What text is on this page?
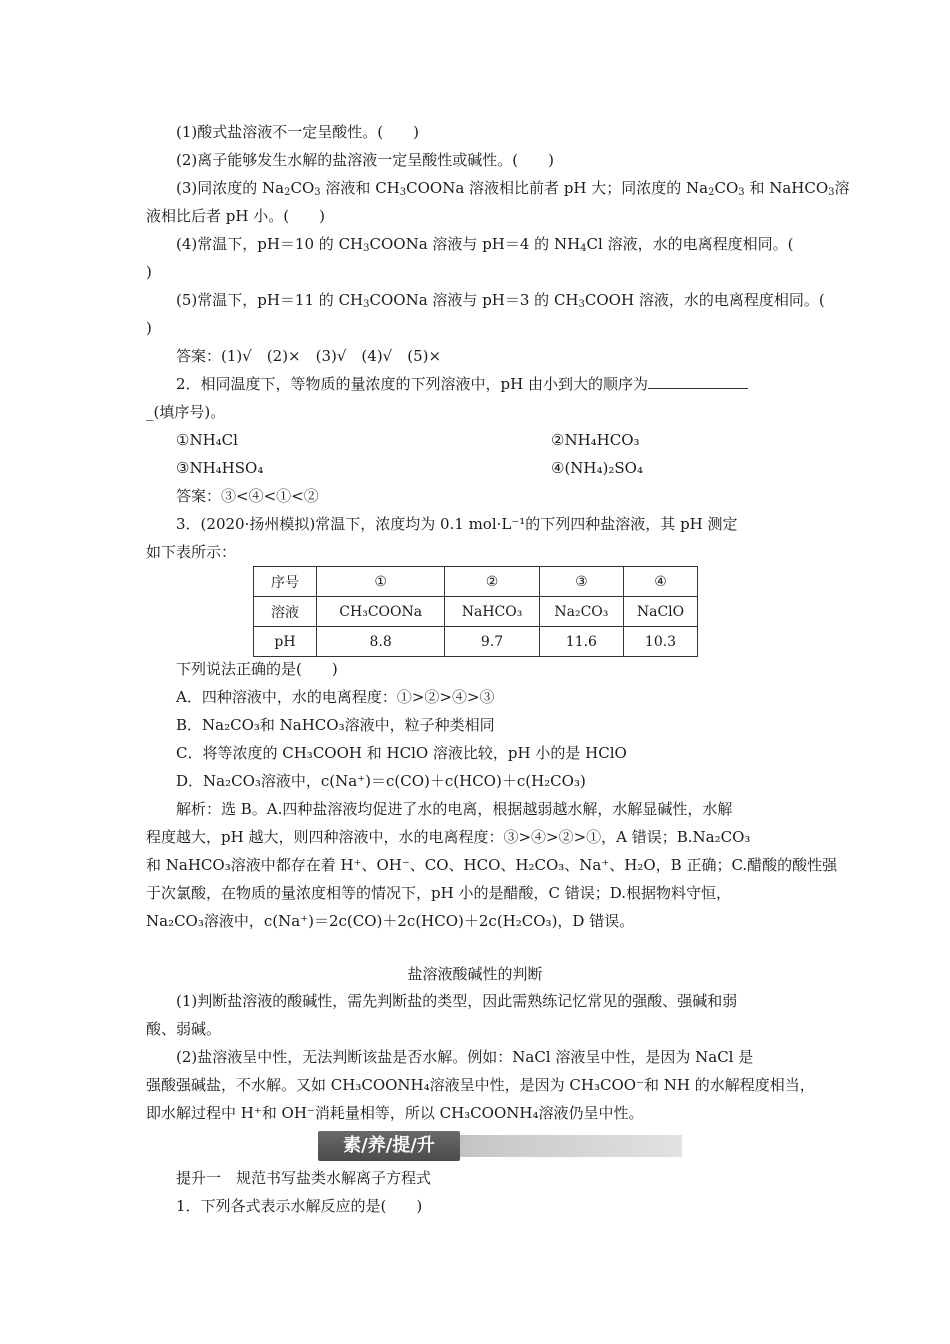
(1)酸式盐溶液不一定呈酸性。(　　)
(2)离子能够发生水解的盐溶液一定呈酸性或碱性。(　　)
(3)同浓度的 $Na_2CO_3$ 溶液和 $CH_3COONa$ 溶液相比前者 pH 大；同浓度的 $Na_2CO_3$ 和 NaHCO$_3$溶
液相比后者 pH 小。(　　)
(4)常温下，pH＝10 的 $CH_3COONa$ 溶液与 pH＝4 的 $NH_4Cl$ 溶液，水的电离程度相同。(
)
(5)常温下，pH＝11 的 $CH_3COONa$ 溶液与 pH＝3 的 $CH_3COOH$ 溶液，水的电离程度相同。(
)
答案：(1)√　(2)×　(3)√　(4)√　(5)×
2．相同温度下，等物质的量浓度的下列溶液中，pH 由小到大的顺序为
_(填序号)。
①NH₄Cl	②NH₄HCO₃
③NH₄HSO₄	④(NH₄)₂SO₄
答案：③<④<①<②
3．(2020·扬州模拟)常温下，浓度均为 0.1 mol·L⁻¹的下列四种盐溶液，其 pH 测定
如下表所示：
序号	①	②	③	④
溶液	CH₃COONa	NaHCO₃	Na₂CO₃	NaClO
pH	8.8	9.7	11.6	10.3
下列说法正确的是(　　)
A．四种溶液中，水的电离程度：①>②>④>③
B．Na₂CO₃和 NaHCO₃溶液中，粒子种类相同
C．将等浓度的 CH₃COOH 和 HClO 溶液比较，pH 小的是 HClO
D．Na₂CO₃溶液中，c(Na⁺)＝c(CO)＋c(HCO)＋c(H₂CO₃)
解析：选 B。A.四种盐溶液均促进了水的电离，根据越弱越水解，水解显碱性，水解
程度越大，pH 越大，则四种溶液中，水的电离程度：③>④>②>①，A 错误；B.Na₂CO₃
和 NaHCO₃溶液中都存在着 H⁺、OH⁻、CO、HCO、H₂CO₃、Na⁺、H₂O，B 正确；C.醋酸的酸性强
于次氯酸，在物质的量浓度相等的情况下，pH 小的是醋酸，C 错误；D.根据物料守恒，
Na₂CO₃溶液中，c(Na⁺)＝2c(CO)＋2c(HCO)＋2c(H₂CO₃)，D 错误。
盐溶液酸碱性的判断
(1)判断盐溶液的酸碱性，需先判断盐的类型，因此需熟练记忆常见的强酸、强碱和弱
酸、弱碱。
(2)盐溶液呈中性，无法判断该盐是否水解。例如：NaCl 溶液呈中性，是因为 NaCl 是
强酸强碱盐，不水解。又如 CH₃COONH₄溶液呈中性，是因为 CH₃COO⁻和 NH 的水解程度相当，
即水解过程中 H⁺和 OH⁻消耗量相等，所以 CH₃COONH₄溶液仍呈中性。
素/养/提/升
提升一　规范书写盐类水解离子方程式
1．下列各式表示水解反应的是(　　)
